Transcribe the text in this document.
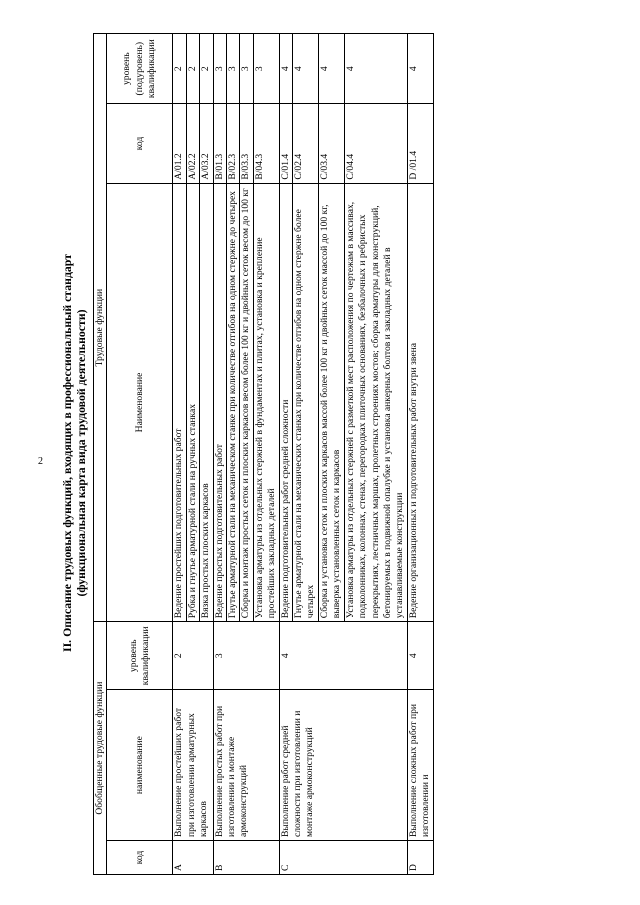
2 II. Описание трудовых функций, входящих в профессиональный стандарт (функциональная карта вида трудовой деятельности)
Обобщенные трудовые функции			Трудовые функции		
код	наименование	уровень квалификации	Наименование	код	уровень (подуровень) квалификации
A	Выполнение простейших работ при изготовлении арматурных каркасов	2	Ведение простейших подготовительных работ	A/01.2	2
			Рубка и гнутье арматурной стали на ручных станках	A/02.2	2
			Вязка простых плоских каркасов	A/03.2	2
B	Выполнение простых работ при изготовлении и монтаже армоконструкций	3	Ведение простых подготовительных работ	B/01.3	3
			Гнутье арматурной стали на механическом станке при количестве отгибов на одном стержне до четырех	B/02.3	3
			Сборка и монтаж простых сеток и плоских каркасов весом более 100 кг и двойных сеток весом до 100 кг	B/03.3	3
			Установка арматуры из отдельных стержней в фундаментах и плитах, установка и крепление простейших закладных деталей	B/04.3	3
C	Выполнение работ средней сложности при изготовлении и монтаже армоконструкций	4	Ведение подготовительных работ средней сложности	C/01.4	4
			Гнутье арматурной стали на механических станках при количестве отгибов на одном стержне более четырех	C/02.4	4
			Сборка и установка сеток и плоских каркасов массой более 100 кг и двойных сеток массой до 100 кг, выверка установленных сеток и каркасов	C/03.4	4
			Установка арматуры из отдельных стержней с разметкой мест расположения по чертежам в массивах, подколонниках, колоннах, стенах, перегородках плиточных основаниях, безбалочных и ребристых перекрытиях, лестничных маршах, пролетных строениях мостов; сборка арматуры для конструкций, бетонируемых в подвижной опалубке и установка анкерных болтов и закладных деталей в устанавливаемые конструкции	C/04.4	4
D	Выполнение сложных работ при изготовлении и	4	Ведение организационных и подготовительных работ внутри звена	D /01.4	4
